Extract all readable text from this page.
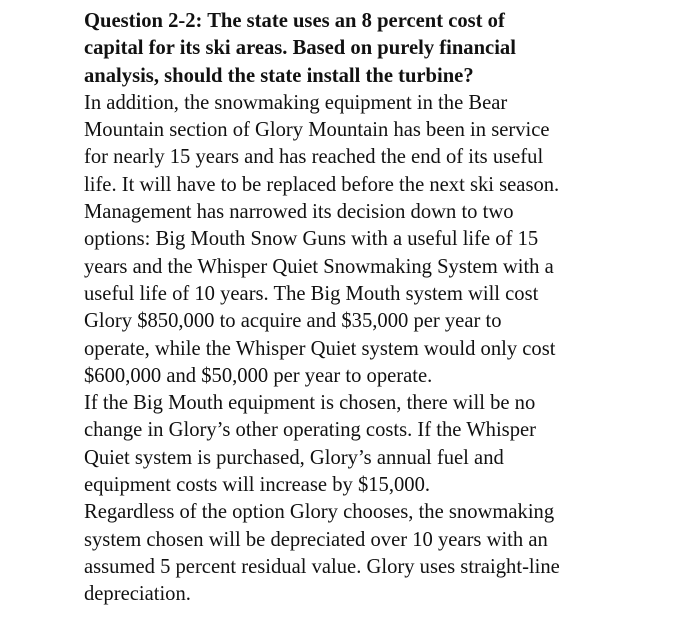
Question 2-2: The state uses an 8 percent cost of
capital for its ski areas. Based on purely financial
analysis, should the state install the turbine?

In addition, the snowmaking equipment in the Bear
Mountain section of Glory Mountain has been in service
for nearly 15 years and has reached the end of its useful
life. It will have to be replaced before the next ski season.
Management has narrowed its decision down to two
options: Big Mouth Snow Guns with a useful life of 15
years and the Whisper Quiet Snowmaking System with a
useful life of 10 years. The Big Mouth system will cost
Glory $850,000 to acquire and $35,000 per year to
operate, while the Whisper Quiet system would only cost
$600,000 and $50,000 per year to operate.

If the Big Mouth equipment is chosen, there will be no
change in Glory’s other operating costs. If the Whisper
Quiet system is purchased, Glory’s annual fuel and
equipment costs will increase by $15,000.

Regardless of the option Glory chooses, the snowmaking
system chosen will be depreciated over 10 years with an
assumed 5 percent residual value. Glory uses straight-line
depreciation.
